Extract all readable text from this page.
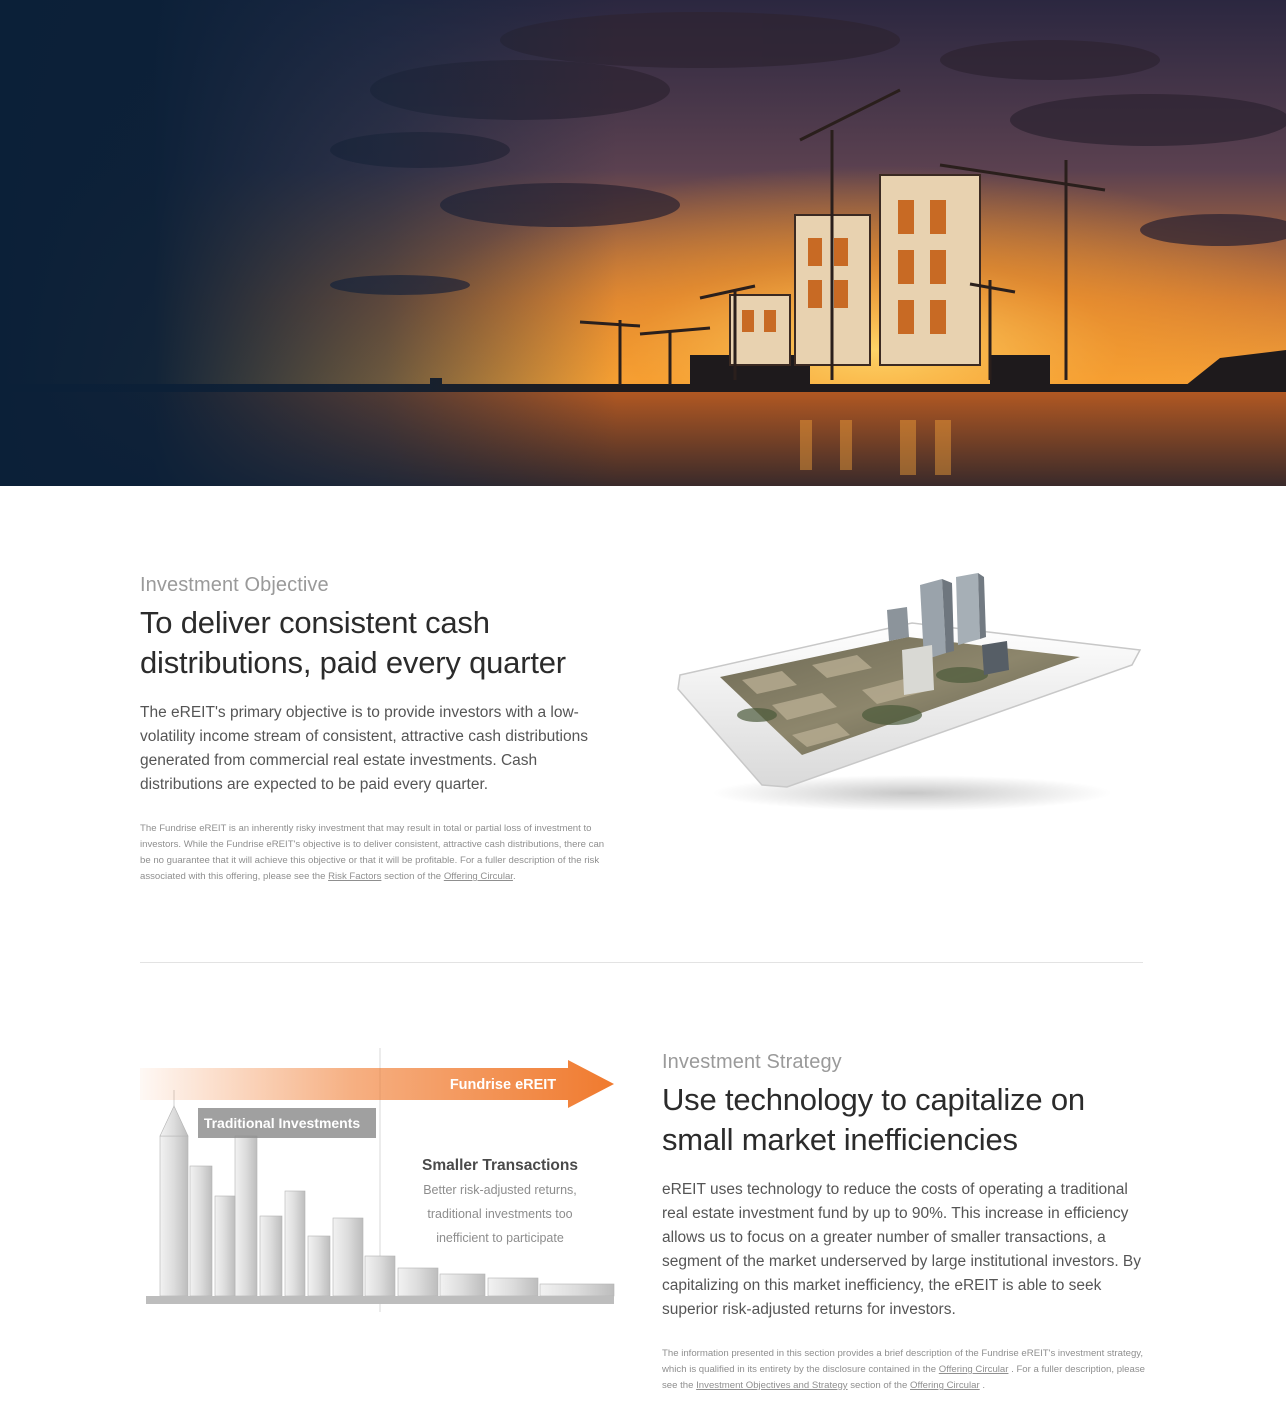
Investment Objective
To deliver consistent cash
distributions, paid every quarter

The eREIT's primary objective is to provide investors with a low-volatility income stream of consistent, attractive cash distributions generated from commercial real estate investments. Cash distributions are expected to be paid every quarter.

The Fundrise eREIT is an inherently risky investment that may result in total or partial loss of investment to investors. While the Fundrise eREIT's objective is to deliver consistent, attractive cash distributions, there can be no guarantee that it will achieve this objective or that it will be profitable. For a fuller description of the risk associated with this offering, please see the Risk Factors section of the Offering Circular.

Fundrise eREIT
Traditional Investments
Smaller Transactions
Better risk-adjusted returns,
traditional investments too
inefficient to participate
Investment Strategy
Use technology to capitalize on
small market inefficiencies

eREIT uses technology to reduce the costs of operating a traditional real estate investment fund by up to 90%. This increase in efficiency allows us to focus on a greater number of smaller transactions, a segment of the market underserved by large institutional investors. By capitalizing on this market inefficiency, the eREIT is able to seek superior risk-adjusted returns for investors.

The information presented in this section provides a brief description of the Fundrise eREIT's investment strategy, which is qualified in its entirety by the disclosure contained in the Offering Circular . For a fuller description, please see the Investment Objectives and Strategy section of the Offering Circular .
